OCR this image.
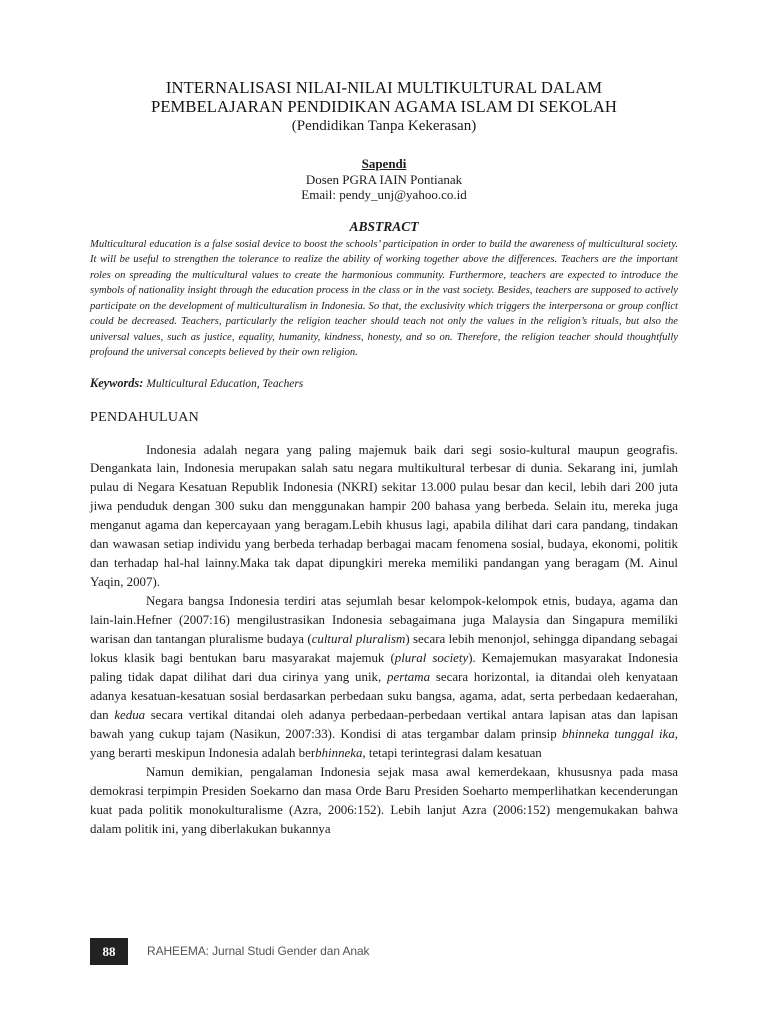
INTERNALISASI NILAI-NILAI MULTIKULTURAL DALAM
PEMBELAJARAN PENDIDIKAN AGAMA ISLAM DI SEKOLAH
(Pendidikan Tanpa Kekerasan)
Sapendi
Dosen PGRA IAIN Pontianak
Email: pendy_unj@yahoo.co.id
ABSTRACT

Multicultural education is a false sosial device to boost the schools’ participation in order to build the awareness of multicultural society. It will be useful to strengthen the tolerance to realize the ability of working together above the differences. Teachers are the important roles on spreading the multicultural values to create the harmonious community. Furthermore, teachers are expected to introduce the symbols of nationality insight through the education process in the class or in the vast society. Besides, teachers are supposed to actively participate on the development of multiculturalism in Indonesia. So that, the exclusivity which triggers the interpersona or group conflict could be decreased. Teachers, particularly the religion teacher should teach not only the values in the religion’s rituals, but also the universal values, such as justice, equality, humanity, kindness, honesty, and so on. Therefore, the religion teacher should thoughtfully profound the universal concepts believed by their own religion.

Keywords: Multicultural Education, Teachers
PENDAHULUAN

Indonesia adalah negara yang paling majemuk baik dari segi sosio-kultural maupun geografis. Dengankata lain, Indonesia merupakan salah satu negara multikultural terbesar di dunia. Sekarang ini, jumlah pulau di Negara Kesatuan Republik Indonesia (NKRI) sekitar 13.000 pulau besar dan kecil, lebih dari 200 juta jiwa penduduk dengan 300 suku dan menggunakan hampir 200 bahasa yang berbeda. Selain itu, mereka juga menganut agama dan kepercayaan yang beragam.Lebih khusus lagi, apabila dilihat dari cara pandang, tindakan dan wawasan setiap individu yang berbeda terhadap berbagai macam fenomena sosial, budaya, ekonomi, politik dan terhadap hal-hal lainny.Maka tak dapat dipungkiri mereka memiliki pandangan yang beragam (M. Ainul Yaqin, 2007).

Negara bangsa Indonesia terdiri atas sejumlah besar kelompok-kelompok etnis, budaya, agama dan lain-lain.Hefner (2007:16) mengilustrasikan Indonesia sebagaimana juga Malaysia dan Singapura memiliki warisan dan tantangan pluralisme budaya (cultural pluralism) secara lebih menonjol, sehingga dipandang sebagai lokus klasik bagi bentukan baru masyarakat majemuk (plural society). Kemajemukan masyarakat Indonesia paling tidak dapat dilihat dari dua cirinya yang unik, pertama secara horizontal, ia ditandai oleh kenyataan adanya kesatuan-kesatuan sosial berdasarkan perbedaan suku bangsa, agama, adat, serta perbedaan kedaerahan, dan kedua secara vertikal ditandai oleh adanya perbedaan-perbedaan vertikal antara lapisan atas dan lapisan bawah yang cukup tajam (Nasikun, 2007:33). Kondisi di atas tergambar dalam prinsip bhinneka tunggal ika, yang berarti meskipun Indonesia adalah berbhinneka, tetapi terintegrasi dalam kesatuan

Namun demikian, pengalaman Indonesia sejak masa awal kemerdekaan, khususnya pada masa demokrasi terpimpin Presiden Soekarno dan masa Orde Baru Presiden Soeharto memperlihatkan kecenderungan kuat pada politik monokulturalisme (Azra, 2006:152). Lebih lanjut Azra (2006:152) mengemukakan bahwa dalam politik ini, yang diberlakukan bukannya

88	RAHEEMA: Jurnal Studi Gender dan Anak
